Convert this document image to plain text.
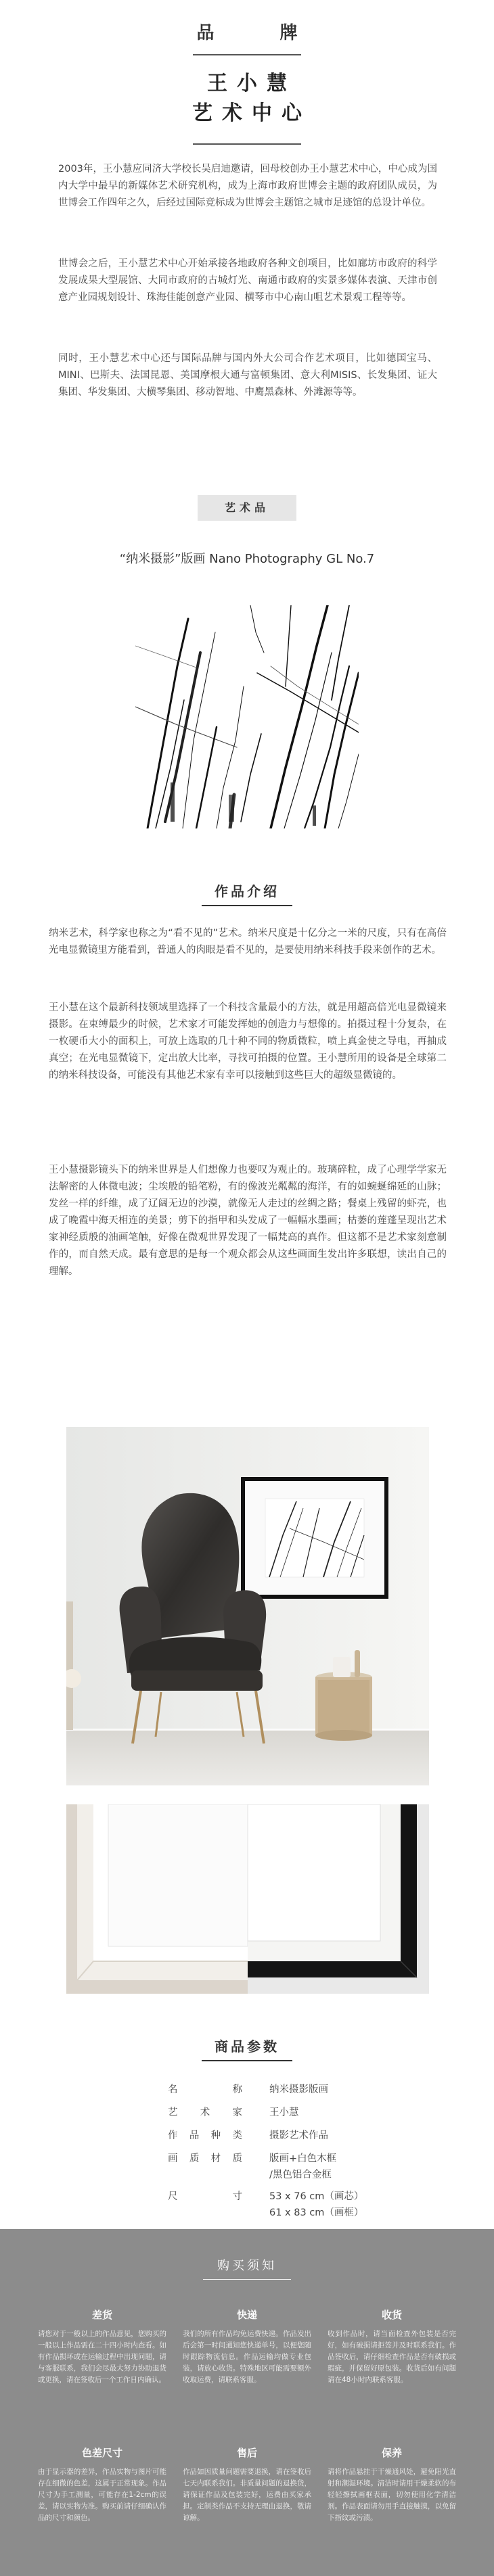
品 牌
王小慧
艺术中心

2003年，王小慧应同济大学校长吴启迪邀请，回母校创办王小慧艺术中心，中心成为国内大学中最早的新媒体艺术研究机构，成为上海市政府世博会主题的政府团队成员，为世博会工作四年之久，后经过国际竞标成为世博会主题馆之城市足迹馆的总设计单位。

世博会之后，王小慧艺术中心开始承接各地政府各种文创项目，比如廊坊市政府的科学发展成果大型展馆、大同市政府的古城灯光、南通市政府的实景多媒体表演、天津市创意产业园规划设计、珠海佳能创意产业园、横琴市中心南山咀艺术景观工程等等。

同时，王小慧艺术中心还与国际品牌与国内外大公司合作艺术项目，比如德国宝马、MINI、巴斯夫、法国昆恩、美国摩根大通与富顿集团、意大利MISIS、长发集团、证大集团、华发集团、大横琴集团、移动智地、中鹰黑森林、外滩源等等。

艺术品
“纳米摄影”版画 Nano Photography GL No.7
作品介绍

纳米艺术，科学家也称之为“看不见的”艺术。纳米尺度是十亿分之一米的尺度，只有在高倍光电显微镜里方能看到，普通人的肉眼是看不见的，是要使用纳米科技手段来创作的艺术。

王小慧在这个最新科技领域里选择了一个科技含量最小的方法，就是用超高倍光电显微镜来摄影。在束缚最少的时候，艺术家才可能发挥她的创造力与想像的。拍摄过程十分复杂，在一枚硬币大小的面积上，可放上选取的几十种不同的物质微粒，喷上真金使之导电，再抽成真空；在光电显微镜下，定出放大比率，寻找可拍摄的位置。王小慧所用的设备是全球第二的纳米科技设备，可能没有其他艺术家有幸可以接触到这些巨大的超级显微镜的。

王小慧摄影镜头下的纳米世界是人们想像力也要叹为观止的。玻璃碎粒，成了心理学学家无法解密的人体微电波；尘埃般的铅笔粉，有的像波光粼粼的海洋，有的如蜿蜒绵延的山脉；发丝一样的纤维，成了辽阔无边的沙漠，就像无人走过的丝绸之路；餐桌上残留的虾壳，也成了晚霞中海天相连的美景；剪下的指甲和头发成了一幅幅水墨画；枯萎的莲蓬呈现出艺术家神经质般的油画笔触，好像在微观世界发现了一幅梵高的真作。但这都不是艺术家刻意制作的，而自然天成。最有意思的是每一个观众都会从这些画面生发出许多联想，读出自己的理解。

商品参数
名称	纳米摄影版画
艺术家	王小慧
作品种类	摄影艺术作品
画质材质	版画+白色木框
/黑色铝合金框
尺寸	53 x 76 cm（画芯）
61 x 83 cm（画框）
购买须知
差货
请您对于一般以上的作品意见，您购买的一般以上作品需在二十四小时内查看。如有作品损坏或在运输过程中出现问题，请与客服联系，我们会尽最大努力协助退货或更换，请在签收后一个工作日内确认。
快递
我们的所有作品均免运费快递。作品发出后会第一时间通知您快递单号，以便您随时跟踪物流信息。作品运输均做专业包装，请放心收货。特殊地区可能需要额外收取运费，请联系客服。
收货
收到作品时，请当面检查外包装是否完好，如有破损请拒签并及时联系我们。作品签收后，请仔细检查作品是否有破损或瑕疵，并保留好原包装。收货后如有问题请在48小时内联系客服。
色差尺寸
由于显示器的差异，作品实物与图片可能存在细微的色差，这属于正常现象。作品尺寸为手工测量，可能存在1-2cm的误差，请以实物为准。购买前请仔细确认作品的尺寸和颜色。
售后
作品如因质量问题需要退换，请在签收后七天内联系我们。非质量问题的退换货，请保证作品及包装完好，运费由买家承担。定制类作品不支持无理由退换，敬请谅解。
保养
请将作品悬挂于干燥通风处，避免阳光直射和潮湿环境。清洁时请用干燥柔软的布轻轻擦拭画框表面，切勿使用化学清洁剂。作品表面请勿用手直接触摸，以免留下指纹或污渍。
